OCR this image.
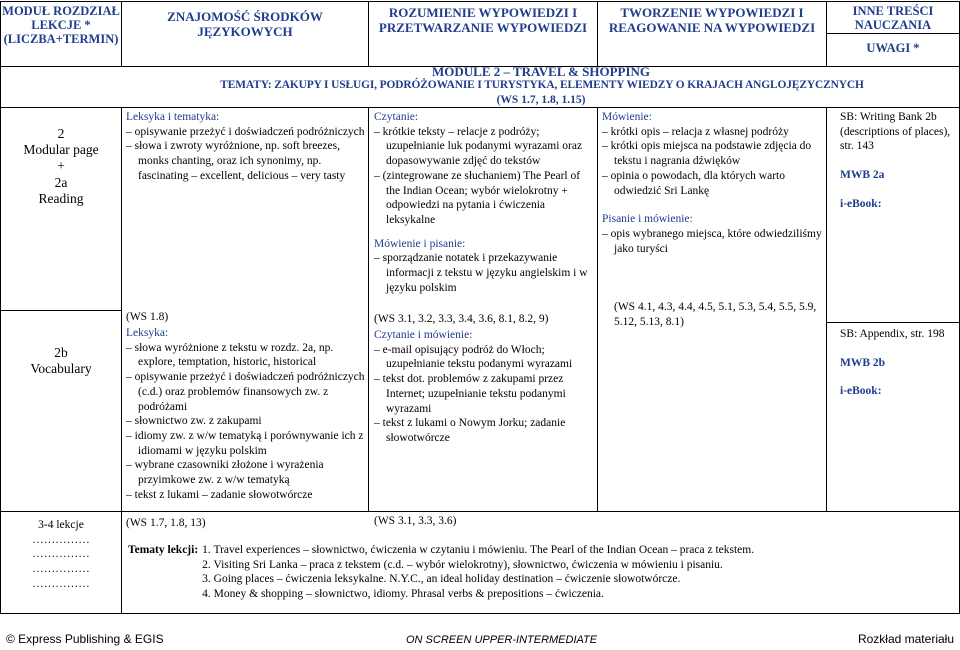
MODUŁ ROZDZIAŁ LEKCJE * (LICZBA+TERMIN)
ZNAJOMOŚĆ ŚRODKÓW JĘZYKOWYCH
ROZUMIENIE WYPOWIEDZI I PRZETWARZANIE WYPOWIEDZI
TWORZENIE WYPOWIEDZI I REAGOWANIE NA WYPOWIEDZI
INNE TREŚCI NAUCZANIA
UWAGI *
MODULE 2 – TRAVEL & SHOPPING
TEMATY: ZAKUPY I USŁUGI, PODRÓŻOWANIE I TURYSTYKA, ELEMENTY WIEDZY O KRAJACH ANGLOJĘZYCZNYCH
(WS 1.7, 1.8, 1.15)
2
Modular page
+
2a
Reading
Leksyka i tematyka:
– opisywanie przeżyć i doświadczeń podróżniczych
– słowa i zwroty wyróżnione, np. soft breezes, monks chanting, oraz ich synonimy, np. fascinating – excellent, delicious – very tasty
(WS 1.8)
Czytanie:
– krótkie teksty – relacje z podróży; uzupełnianie luk podanymi wyrazami oraz dopasowywanie zdjęć do tekstów
– (zintegrowane ze słuchaniem) The Pearl of the Indian Ocean; wybór wielokrotny + odpowiedzi na pytania i ćwiczenia leksykalne
Mówienie i pisanie:
– sporządzanie notatek i przekazywanie informacji z tekstu w języku angielskim i w języku polskim
(WS 3.1, 3.2, 3.3, 3.4, 3.6, 8.1, 8.2, 9)
Mówienie:
– krótki opis – relacja z własnej podróży
– krótki opis miejsca na podstawie zdjęcia do tekstu i nagrania dźwięków
– opinia o powodach, dla których warto odwiedzić Sri Lankę
Pisanie i mówienie:
– opis wybranego miejsca, które odwiedziliśmy jako turyści
(WS 4.1, 4.3, 4.4, 4.5, 5.1, 5.3, 5.4, 5.5, 5.9, 5.12, 5.13, 8.1)
SB: Writing Bank 2b (descriptions of places), str. 143
MWB 2a
i-eBook:
2b
Vocabulary
Leksyka:
– słowa wyróżnione z tekstu w rozdz. 2a, np. explore, temptation, historic, historical
– opisywanie przeżyć i doświadczeń podróżniczych (c.d.) oraz problemów finansowych zw. z podróżami
– słownictwo zw. z zakupami
– idiomy zw. z w/w tematyką i porównywanie ich z idiomami w języku polskim
– wybrane czasowniki złożone i wyrażenia przyimkowe zw. z w/w tematyką
– tekst z lukami – zadanie słowotwórcze
(WS 1.7, 1.8, 13)
Czytanie i mówienie:
– e-mail opisujący podróż do Włoch; uzupełnianie tekstu podanymi wyrazami
– tekst dot. problemów z zakupami przez Internet; uzupełnianie tekstu podanymi wyrazami
– tekst z lukami o Nowym Jorku; zadanie słowotwórcze
(WS 3.1, 3.3, 3.6)
SB: Appendix, str. 198
MWB 2b
i-eBook:
3-4 lekcje
……………
……………
……………
……………
Tematy lekcji: 1. Travel experiences – słownictwo, ćwiczenia w czytaniu i mówieniu. The Pearl of the Indian Ocean – praca z tekstem.
2. Visiting Sri Lanka – praca z tekstem (c.d. – wybór wielokrotny), słownictwo, ćwiczenia w mówieniu i pisaniu.
3. Going places – ćwiczenia leksykalne. N.Y.C., an ideal holiday destination – ćwiczenie słowotwórcze.
4. Money & shopping – słownictwo, idiomy. Phrasal verbs & prepositions – ćwiczenia.
© Express Publishing & EGIS	ON SCREEN UPPER-INTERMEDIATE	Rozkład materiału
